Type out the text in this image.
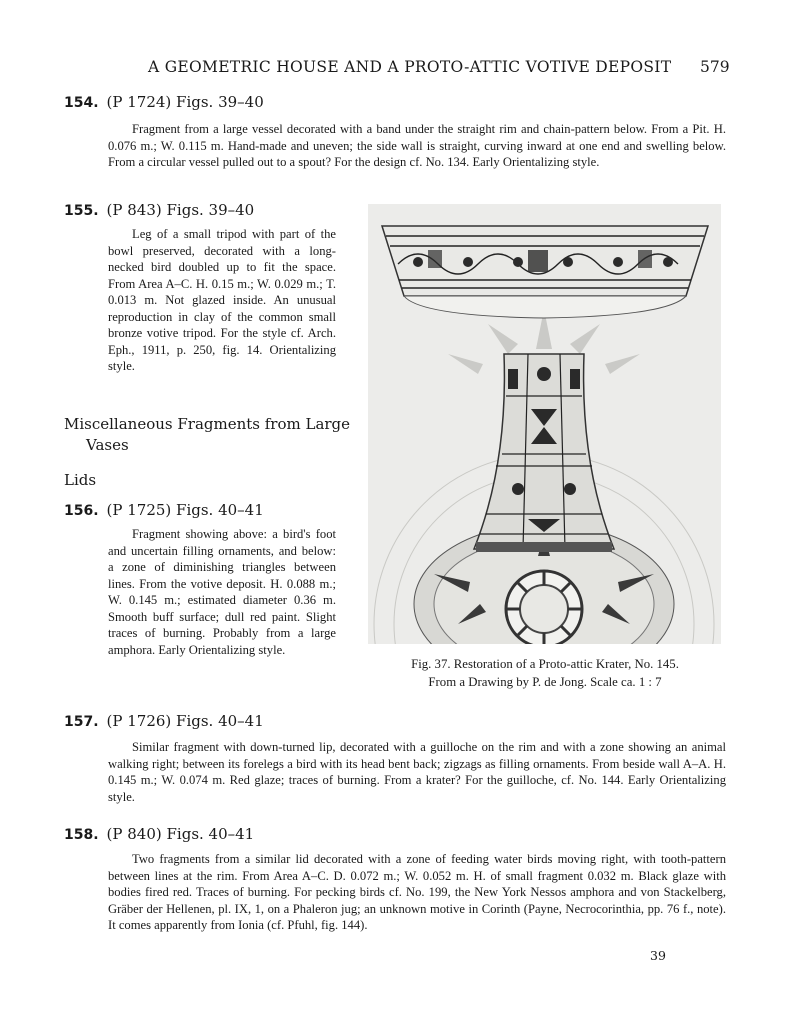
A GEOMETRIC HOUSE AND A PROTO-ATTIC VOTIVE DEPOSIT 579
154. (P 1724) Figs. 39–40

Fragment from a large vessel decorated with a band under the straight rim and chain-pattern below. From a Pit. H. 0.076 m.; W. 0.115 m. Hand-made and uneven; the side wall is straight, curving inward at one end and swelling below. From a circular vessel pulled out to a spout? For the design cf. No. 134. Early Orientalizing style.

155. (P 843) Figs. 39–40

Leg of a small tripod with part of the bowl preserved, decorated with a long-necked bird doubled up to fit the space. From Area A–C. H. 0.15 m.; W. 0.029 m.; T. 0.013 m. Not glazed inside. An unusual reproduction in clay of the common small bronze votive tripod. For the style cf. Arch. Eph., 1911, p. 250, fig. 14. Orientalizing style.

Miscellaneous Fragments from Large Vases
Lids
156. (P 1725) Figs. 40–41

Fragment showing above: a bird's foot and uncertain filling ornaments, and below: a zone of diminishing triangles between lines. From the votive deposit. H. 0.088 m.; W. 0.145 m.; estimated diameter 0.36 m. Smooth buff surface; dull red paint. Slight traces of burning. Probably from a large amphora. Early Orientalizing style.

Fig. 37. Restoration of a Proto-attic Krater, No. 145.
From a Drawing by P. de Jong. Scale ca. 1 : 7
157. (P 1726) Figs. 40–41

Similar fragment with down-turned lip, decorated with a guilloche on the rim and with a zone showing an animal walking right; between its forelegs a bird with its head bent back; zigzags as filling ornaments. From beside wall A–A. H. 0.145 m.; W. 0.074 m. Red glaze; traces of burning. From a krater? For the guilloche, cf. No. 144. Early Orientalizing style.

158. (P 840) Figs. 40–41

Two fragments from a similar lid decorated with a zone of feeding water birds moving right, with tooth-pattern between lines at the rim. From Area A–C. D. 0.072 m.; W. 0.052 m. H. of small fragment 0.032 m. Black glaze with bodies fired red. Traces of burning. For pecking birds cf. No. 199, the New York Nessos amphora and von Stackelberg, Gräber der Hellenen, pl. IX, 1, on a Phaleron jug; an unknown motive in Corinth (Payne, Necrocorinthia, pp. 76 f., note). It comes apparently from Ionia (cf. Pfuhl, fig. 144).

39
